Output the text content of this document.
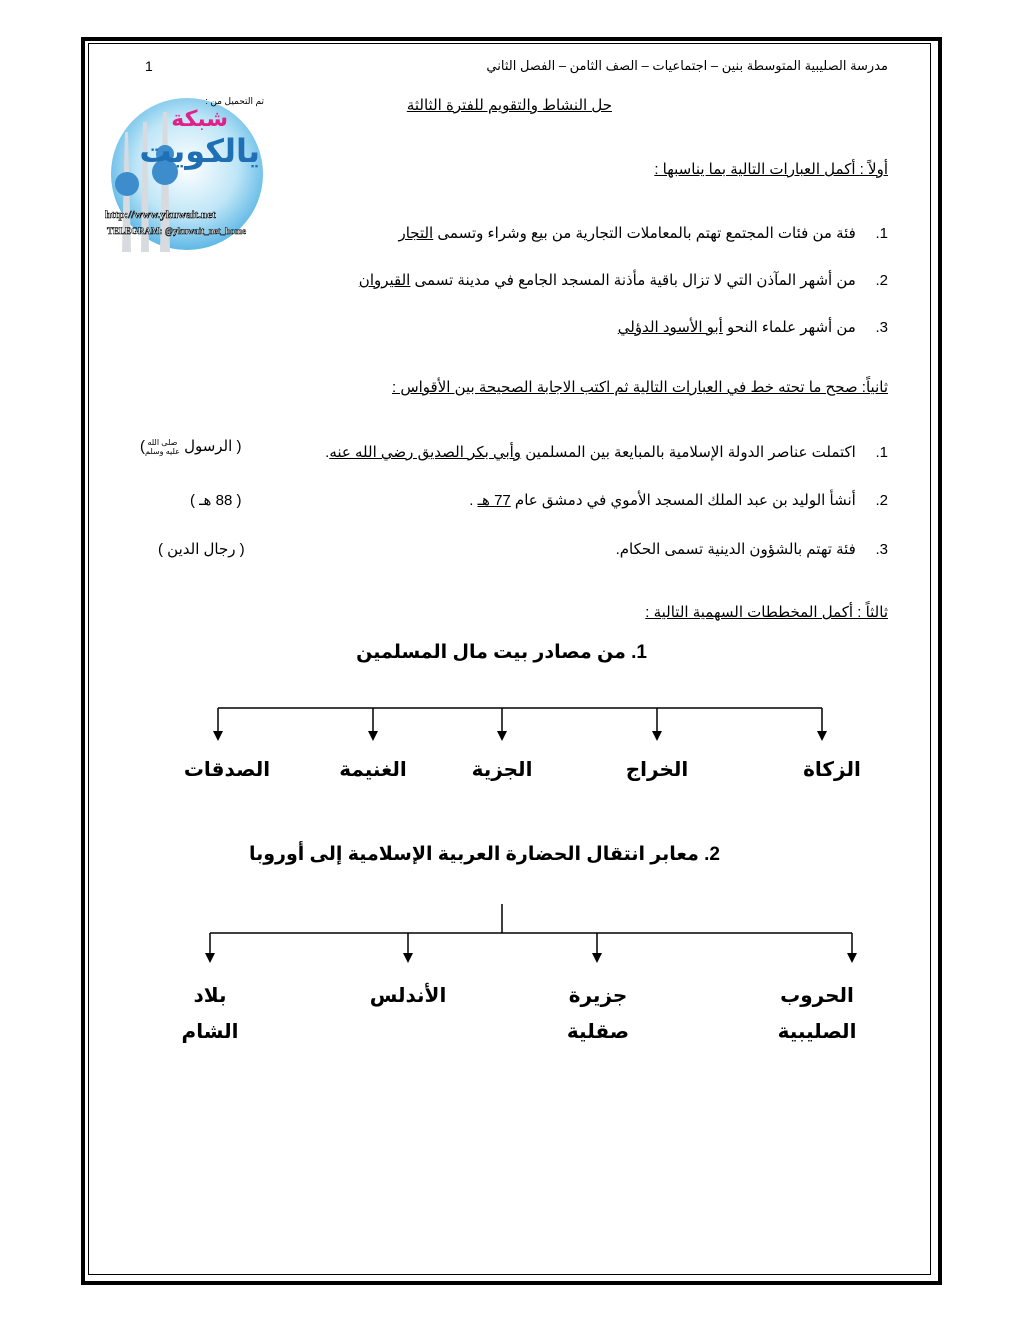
مدرسة الصليبية المتوسطة بنين – اجتماعيات – الصف الثامن – الفصل الثاني
1
تم التحميل من :
شبكة
يالكويت
http://www.ykuwait.net
TELEGRAM: @ykuwait_net_home
حل النشاط والتقويم للفترة الثالثة
أولاً : أكمل العبارات التالية بما يناسبها :
1. فئة من فئات المجتمع تهتم بالمعاملات التجارية من بيع وشراء وتسمى التجار
2. من أشهر المآذن التي لا تزال باقية مأذنة المسجد الجامع في مدينة تسمى القيروان
3. من أشهر علماء النحو أبو الأسود الدؤلي
ثانياً: صحح ما تحته خط في العبارات التالية ثم اكتب الاجابة الصحيحة بين الأقواس :
1. اكتملت عناصر الدولة الإسلامية بالمبايعة بين المسلمين وأبي بكر الصديق رضي الله عنه.
( الرسول صلى الله
عليه وسلم)
2. أنشأ الوليد بن عبد الملك المسجد الأموي في دمشق عام 77 هـ .
( 88 هـ )
3. فئة تهتم بالشؤون الدينية تسمى الحكام.
( رجال الدين )
ثالثاً : أكمل المخططات السهمية التالية :
1. من مصادر بيت مال المسلمين
الزكاة
الخراج
الجزية
الغنيمة
الصدقات
2. معابر انتقال الحضارة العربية الإسلامية إلى أوروبا
الحروب
الصليبية
جزيرة
صقلية
الأندلس
بلاد
الشام
